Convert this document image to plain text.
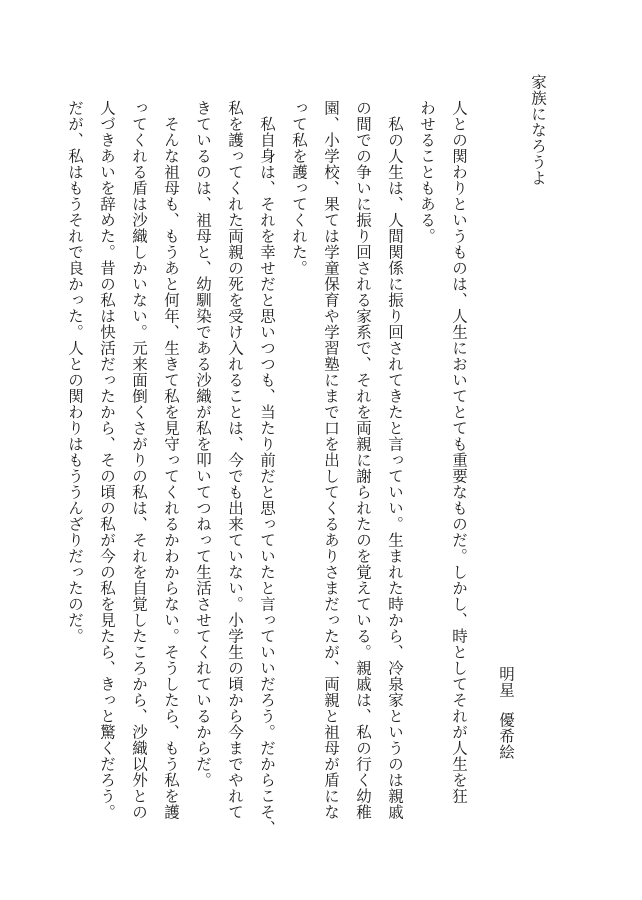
家族になろうよ
明星優希絵
人との関わりというものは、人生においてとても重要なものだ。しかし、時としてそれが人生を狂
わせることもある。
　私の人生は、人間関係に振り回されてきたと言っていい。生まれた時から、冷泉家というのは親戚
の間での争いに振り回される家系で、それを両親に謝られたのを覚えている。親戚は、私の行く幼稚
園、小学校、果ては学童保育や学習塾にまで口を出してくるありさまだったが、両親と祖母が盾にな
って私を護ってくれた。
　私自身は、それを幸せだと思いつつも、当たり前だと思っていたと言っていいだろう。だからこそ、
私を護ってくれた両親の死を受け入れることは、今でも出来ていない。小学生の頃から今までやれて
きているのは、祖母と、幼馴染である沙織が私を叩いてつねって生活させてくれているからだ。
　そんな祖母も、もうあと何年、生きて私を見守ってくれるかわからない。そうしたら、もう私を護
ってくれる盾は沙織しかいない。元来面倒くさがりの私は、それを自覚したころから、沙織以外との
人づきあいを辞めた。昔の私は快活だったから、その頃の私が今の私を見たら、きっと驚くだろう。
だが、私はもうそれで良かった。人との関わりはもううんざりだったのだ。
